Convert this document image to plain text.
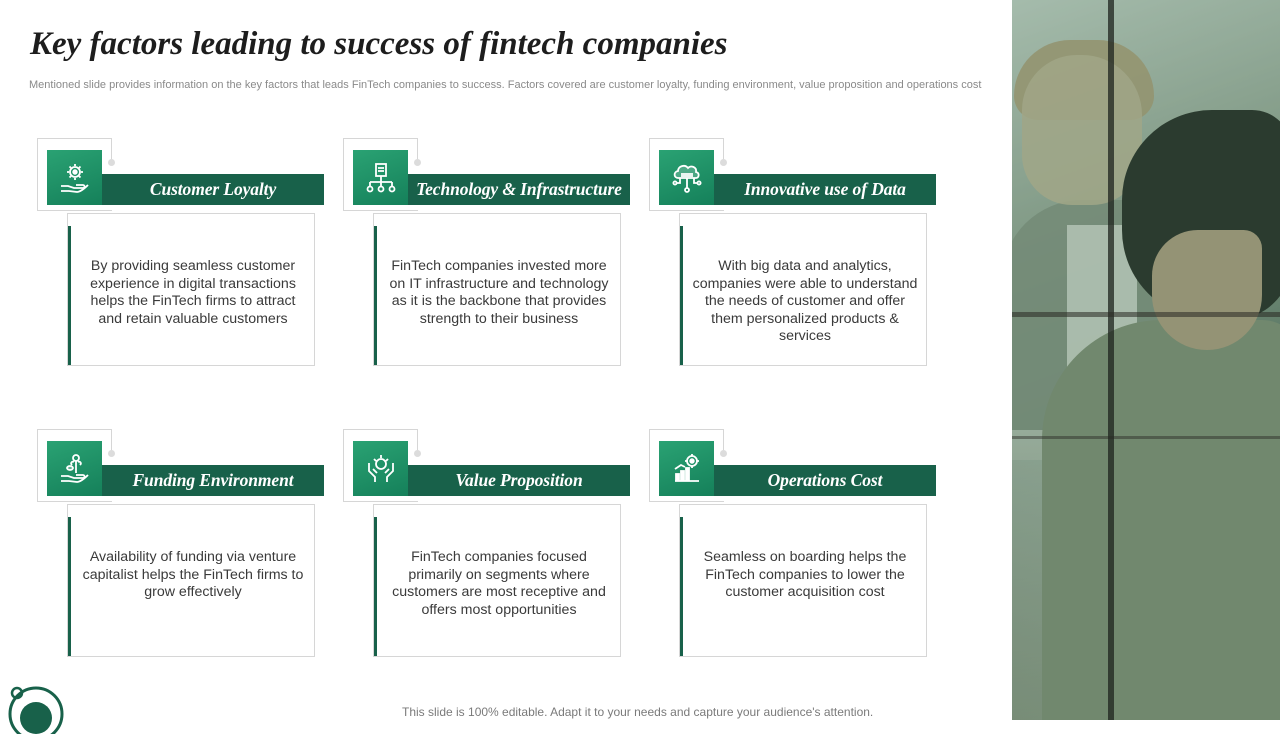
Key factors leading to success of fintech companies

Mentioned slide provides information on the key factors that leads FinTech companies to success. Factors covered are customer loyalty, funding environment, value proposition and operations cost

Customer Loyalty

By providing seamless customer experience in digital transactions helps the FinTech firms to attract and retain valuable customers

Technology & Infrastructure

FinTech companies invested more on IT infrastructure and technology as it is the backbone that provides strength to their business

Innovative use of Data

With big data and analytics, companies were able to understand the needs of customer and offer them personalized products & services

Funding Environment

Availability of funding via venture capitalist helps the FinTech firms to grow effectively

Value Proposition

FinTech companies focused primarily on segments where customers are most receptive and offers most opportunities

Operations Cost

Seamless on boarding helps the FinTech companies to lower the customer acquisition cost

This slide is 100% editable. Adapt it to your needs and capture your audience's attention.
